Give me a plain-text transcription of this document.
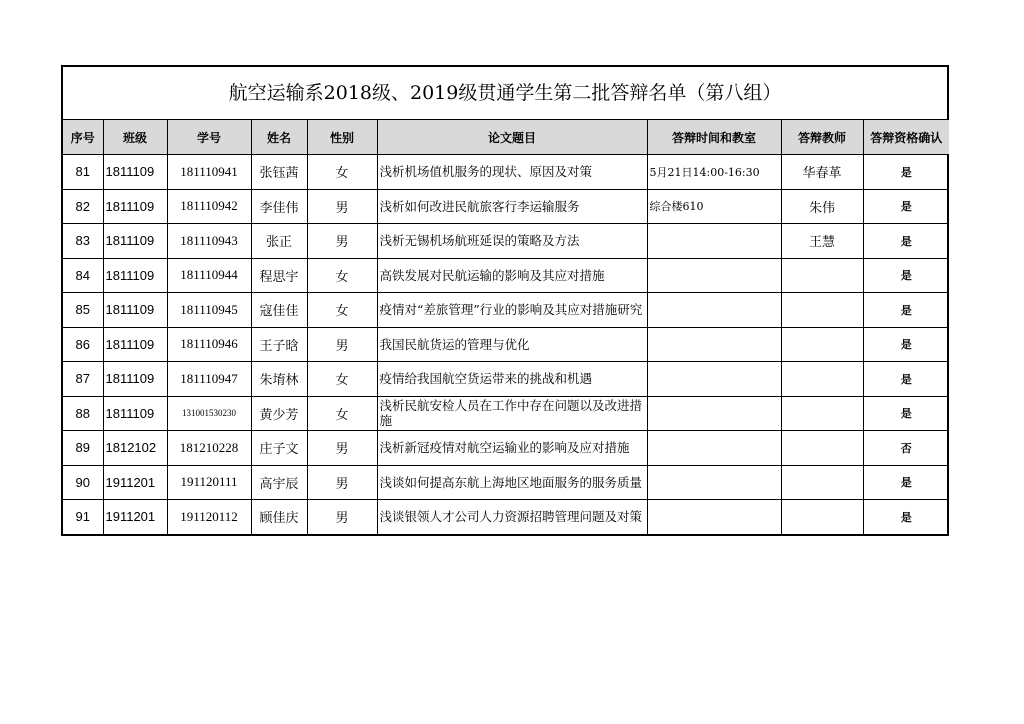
航空运输系2018级、2019级贯通学生第二批答辩名单（第八组）
序号	班级	学号	姓名	性别	论文题目	答辩时间和教室	答辩教师	答辩资格确认
81	1811109	181110941	张钰茜	女	浅析机场值机服务的现状、原因及对策	5月21日14:00-16:30	华春革	是
82	1811109	181110942	李佳伟	男	浅析如何改进民航旅客行李运输服务	综合楼610	朱伟	是
83	1811109	181110943	张正	男	浅析无锡机场航班延误的策略及方法		王慧	是
84	1811109	181110944	程思宇	女	高铁发展对民航运输的影响及其应对措施			是
85	1811109	181110945	寇佳佳	女	疫情对“差旅管理”行业的影响及其应对措施研究			是
86	1811109	181110946	王子晗	男	我国民航货运的管理与优化			是
87	1811109	181110947	朱堉林	女	疫情给我国航空货运带来的挑战和机遇			是
88	1811109	131001530230	黄少芳	女	浅析民航安检人员在工作中存在问题以及改进措施			是
89	1812102	181210228	庄子文	男	浅析新冠疫情对航空运输业的影响及应对措施			否
90	1911201	191120111	高宇辰	男	浅谈如何提高东航上海地区地面服务的服务质量			是
91	1911201	191120112	顾佳庆	男	浅谈银领人才公司人力资源招聘管理问题及对策			是
